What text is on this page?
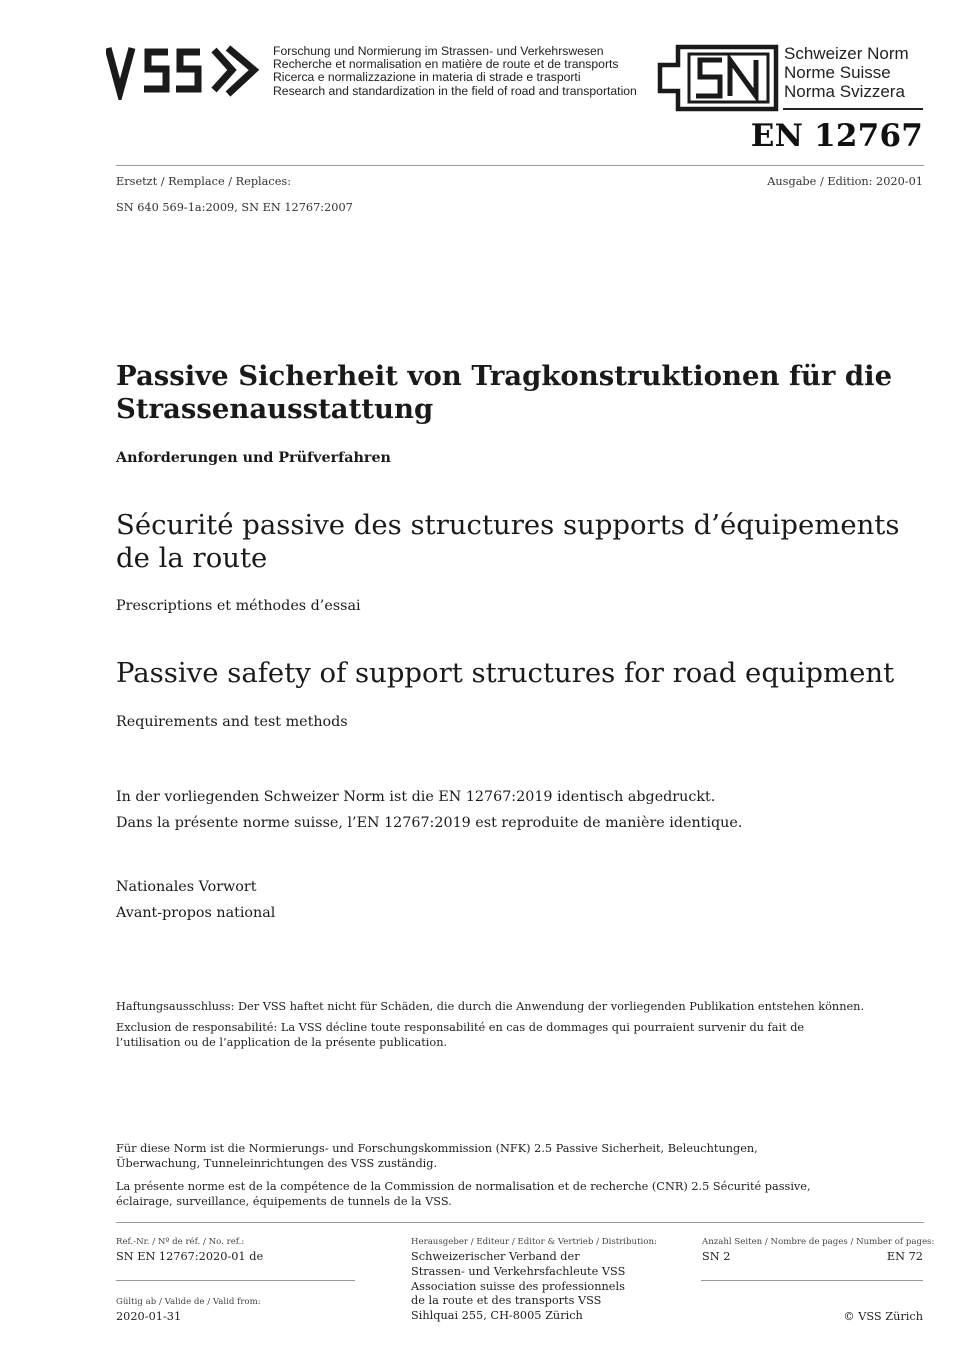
Forschung und Normierung im Strassen- und Verkehrswesen
Recherche et normalisation en matière de route et de transports
Ricerca e normalizzazione in materia di strade e trasporti
Research and standardization in the field of road and transportation
Schweizer Norm
Norme Suisse
Norma Svizzera
EN 12767
Ersetzt / Remplace / Replaces:	Ausgabe / Edition: 2020-01
SN 640 569-1a:2009, SN EN 12767:2007
Passive Sicherheit von Tragkonstruktionen für die Strassenausstattung
Anforderungen und Prüfverfahren
Sécurité passive des structures supports d’équipements de la route
Prescriptions et méthodes d’essai
Passive safety of support structures for road equipment
Requirements and test methods
In der vorliegenden Schweizer Norm ist die EN 12767:2019 identisch abgedruckt.
Dans la présente norme suisse, l’EN 12767:2019 est reproduite de manière identique.
Nationales Vorwort
Avant-propos national
Haftungsausschluss: Der VSS haftet nicht für Schäden, die durch die Anwendung der vorliegenden Publikation entstehen können.
Exclusion de responsabilité: La VSS décline toute responsabilité en cas de dommages qui pourraient survenir du fait de l’utilisation ou de l’application de la présente publication.
Für diese Norm ist die Normierungs- und Forschungskommission (NFK) 2.5 Passive Sicherheit, Beleuchtungen, Überwachung, Tunneleinrichtungen des VSS zuständig.
La présente norme est de la compétence de la Commission de normalisation et de recherche (CNR) 2.5 Sécurité passive, éclairage, surveillance, équipements de tunnels de la VSS.
Ref.-Nr. / Nº de réf. / No. ref.:
SN EN 12767:2020-01 de
Gültig ab / Valide de / Valid from:
2020-01-31
Herausgeber / Editeur / Editor & Vertrieb / Distribution:
Schweizerischer Verband der
Strassen- und Verkehrsfachleute VSS
Association suisse des professionnels
de la route et des transports VSS
Sihlquai 255, CH-8005 Zürich
Anzahl Seiten / Nombre de pages / Number of pages:
SN 2	EN 72
© VSS Zürich
